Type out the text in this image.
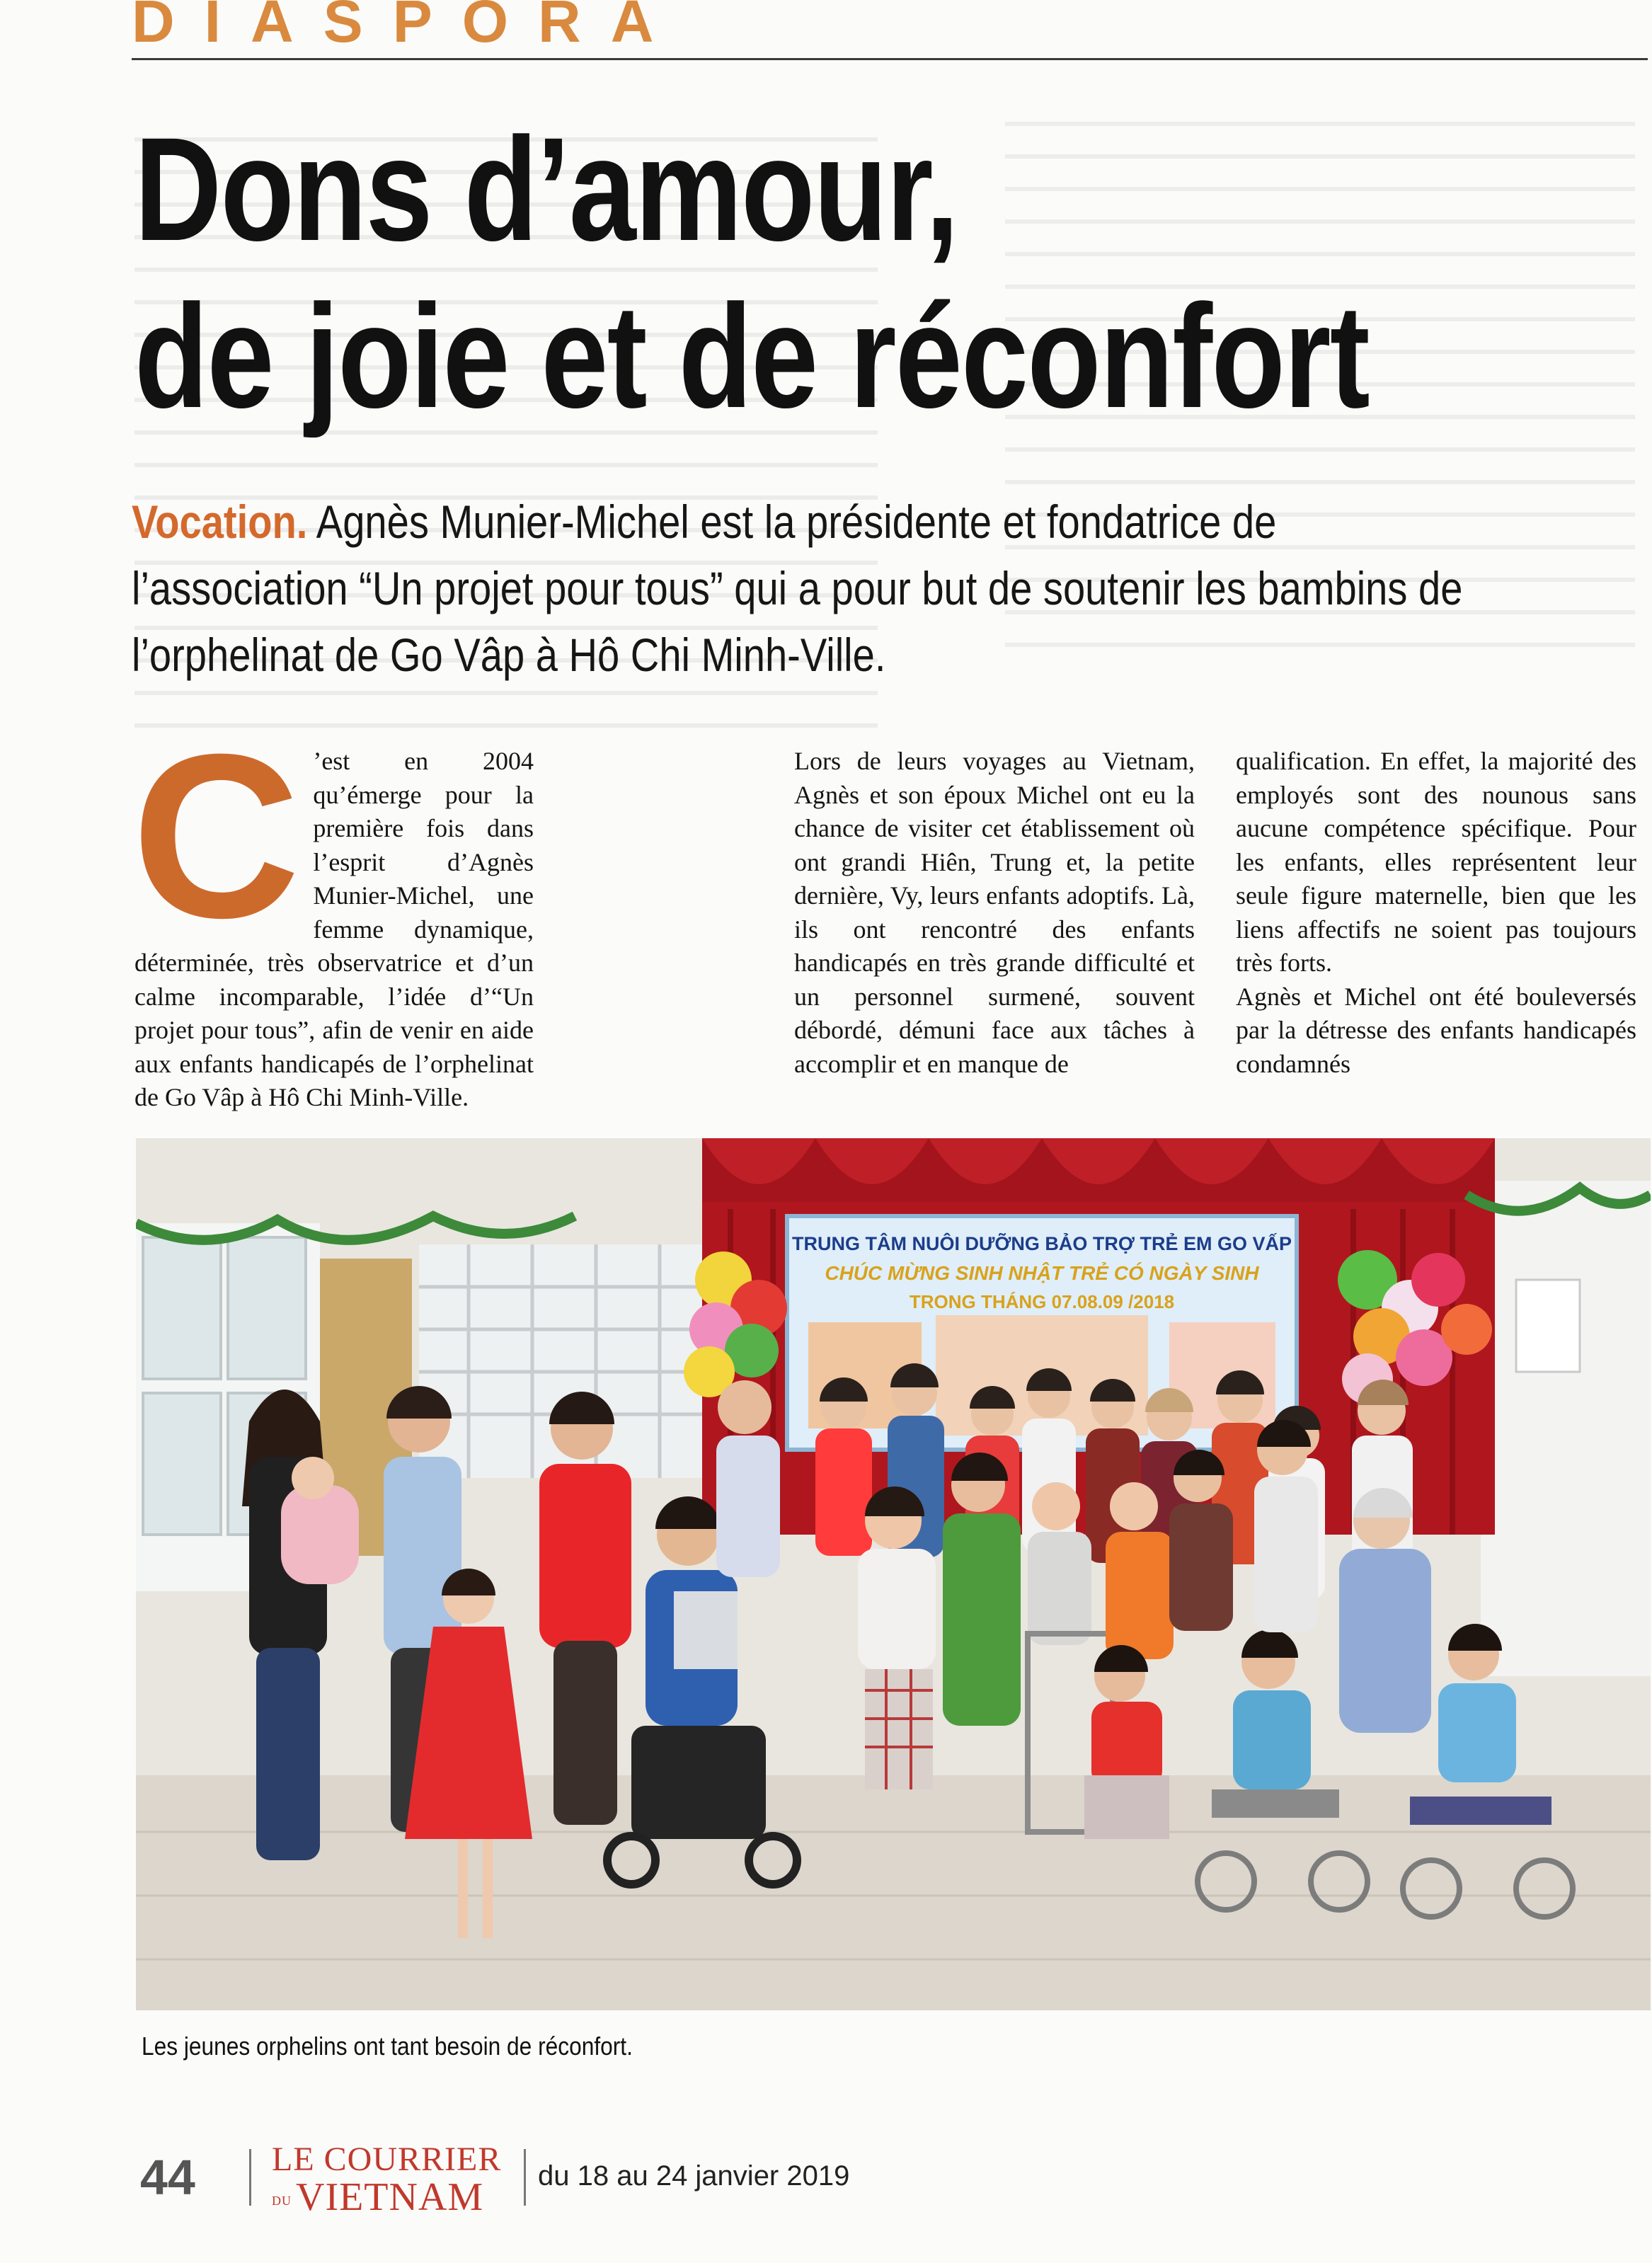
DIASPORA
Dons d’amour,
de joie et de réconfort
Vocation. Agnès Munier-Michel est la présidente et fondatrice de l’association “Un projet pour tous” qui a pour but de soutenir les bambins de l’orphelinat de Go Vâp à Hô Chi Minh-Ville.

C ’est en 2004 qu’émerge pour la première fois dans l’esprit d’Agnès Munier-Michel, une femme dynamique, déterminée, très observatrice et d’un calme incomparable, l’idée d’“Un projet pour tous”, afin de venir en aide aux enfants handicapés de l’orphelinat de Go Vâp à Hô Chi Minh-Ville.

Lors de leurs voyages au Vietnam, Agnès et son époux Michel ont eu la chance de visiter cet établissement où ont grandi Hiên, Trung et, la petite dernière, Vy, leurs enfants adoptifs. Là, ils ont rencontré des enfants handicapés en très grande difficulté et un personnel surmené, souvent débordé, démuni face aux tâches à accomplir et en manque de

qualification. En effet, la majorité des employés sont des nounous sans aucune compétence spécifique. Pour les enfants, elles représentent leur seule figure maternelle, bien que les liens affectifs ne soient pas toujours très forts.
Agnès et Michel ont été bouleversés par la détresse des enfants handicapés condamnés
TRUNG TÂM NUÔI DƯỠNG BẢO TRỢ TRẺ EM GO VẤP
CHÚC MỪNG SINH NHẬT TRẺ CÓ NGÀY SINH
TRONG THÁNG 07.08.09 /2018
Les jeunes orphelins ont tant besoin de réconfort.
44 LE COURRIER
DU VIETNAM	du 18 au 24 janvier 2019
